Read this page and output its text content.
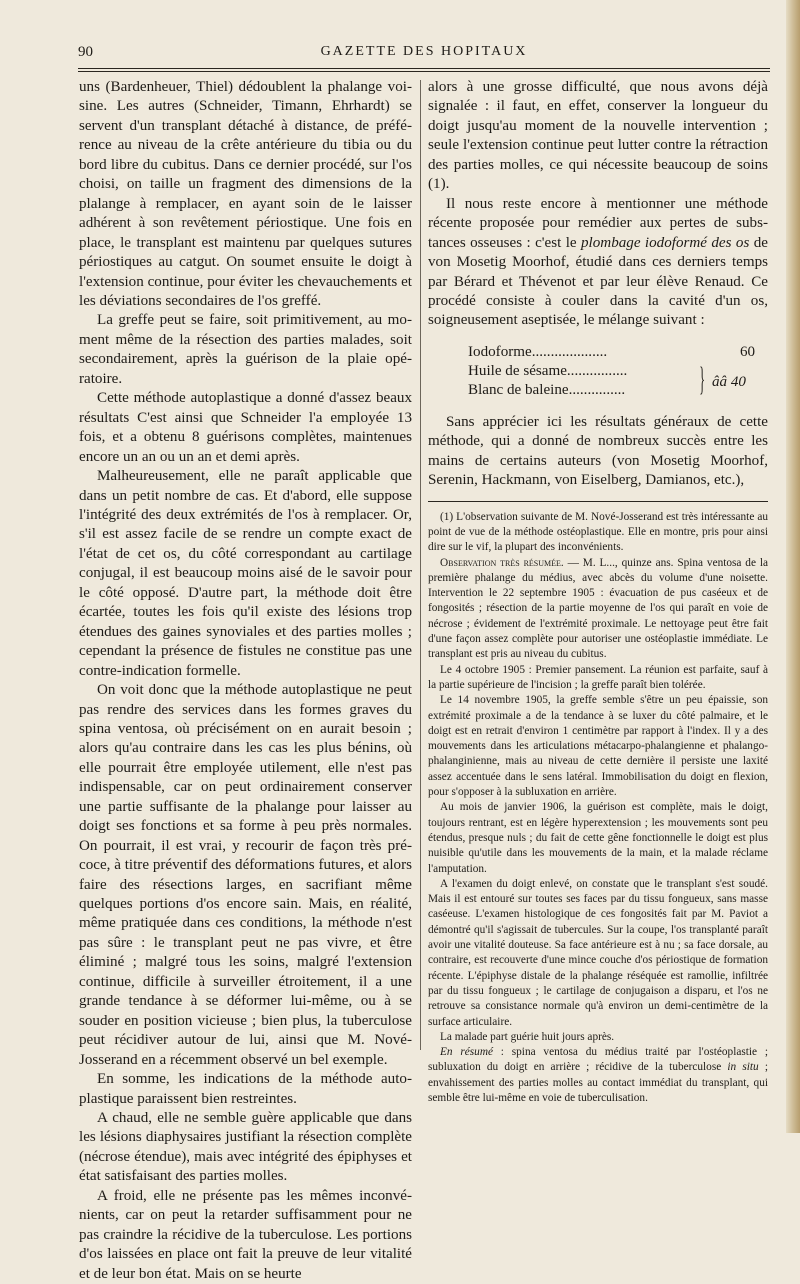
90	GAZETTE DES HOPITAUX

uns (Bardenheuer, Thiel) dédoublent la phalange voisine. Les autres (Schneider, Timann, Ehrhardt) se servent d'un transplant détaché à distance, de préférence au niveau de la crête antérieure du tibia ou du bord libre du cubitus. Dans ce dernier procédé, sur l'os choisi, on taille un fragment des dimensions de la plalange à remplacer, en ayant soin de le laisser adhérent à son revêtement périostique. Une fois en place, le transplant est maintenu par quelques sutures périostiques au catgut. On soumet ensuite le doigt à l'extension continue, pour éviter les chevauchements et les déviations secondaires de l'os greffé.

La greffe peut se faire, soit primitivement, au moment même de la résection des parties malades, soit secondairement, après la guérison de la plaie opératoire.

Cette méthode autoplastique a donné d'assez beaux résultats C'est ainsi que Schneider l'a employée 13 fois, et a obtenu 8 guérisons complètes, maintenues encore un an ou un an et demi après.

Malheureusement, elle ne paraît applicable que dans un petit nombre de cas. Et d'abord, elle suppose l'intégrité des deux extrémités de l'os à remplacer. Or, s'il est assez facile de se rendre un compte exact de l'état de cet os, du côté correspondant au cartilage conjugal, il est beaucoup moins aisé de le savoir pour le côté opposé. D'autre part, la méthode doit être écartée, toutes les fois qu'il existe des lésions trop étendues des gaines synoviales et des parties molles ; cependant la présence de fistules ne constitue pas une contre-indication formelle.

On voit donc que la méthode autoplastique ne peut pas rendre des services dans les formes graves du spina ventosa, où précisément on en aurait besoin ; alors qu'au contraire dans les cas les plus bénins, où elle pourrait être employée utilement, elle n'est pas indispensable, car on peut ordinairement conserver une partie suffisante de la phalange pour laisser au doigt ses fonctions et sa forme à peu près normales. On pourrait, il est vrai, y recourir de façon très précoce, à titre préventif des déformations futures, et alors faire des résections larges, en sacrifiant même quelques portions d'os encore sain. Mais, en réalité, même pratiquée dans ces conditions, la méthode n'est pas sûre : le transplant peut ne pas vivre, et être éliminé ; malgré tous les soins, malgré l'extension continue, difficile à surveiller étroitement, il a une grande tendance à se déformer lui-même, ou à se souder en position vicieuse ; bien plus, la tuberculose peut récidiver autour de lui, ainsi que M. Nové-Josserand en a récemment observé un bel exemple.

En somme, les indications de la méthode autoplastique paraissent bien restreintes.

A chaud, elle ne semble guère applicable que dans les lésions diaphysaires justifiant la résection complète (nécrose étendue), mais avec intégrité des épiphyses et état satisfaisant des parties molles.

A froid, elle ne présente pas les mêmes inconvénients, car on peut la retarder suffisamment pour ne pas craindre la récidive de la tuberculose. Les portions d'os laissées en place ont fait la preuve de leur vitalité et de leur bon état. Mais on se heurte

alors à une grosse difficulté, que nous avons déjà signalée : il faut, en effet, conserver la longueur du doigt jusqu'au moment de la nouvelle intervention ; seule l'extension continue peut lutter contre la rétraction des parties molles, ce qui nécessite beaucoup de soins (1).

Il nous reste encore à mentionner une méthode récente proposée pour remédier aux pertes de substances osseuses : c'est le plombage iodoformé des os de von Mosetig Moorhof, étudié dans ces derniers temps par Bérard et Thévenot et par leur élève Renaud. Ce procédé consiste à couler dans la cavité d'un os, soigneusement aseptisée, le mélange suivant :

Iodoforme....................	60
Huile de sésame................
Blanc de baleine............... } ââ 40

Sans apprécier ici les résultats généraux de cette méthode, qui a donné de nombreux succès entre les mains de certains auteurs (von Mosetig Moorhof, Serenin, Hackmann, von Eiselberg, Damianos, etc.),

(1) L'observation suivante de M. Nové-Josserand est très intéressante au point de vue de la méthode ostéoplastique. Elle en montre, pris pour ainsi dire sur le vif, la plupart des inconvénients.

Observation très résumée. — M. L..., quinze ans. Spina ventosa de la première phalange du médius, avec abcès du volume d'une noisette. Intervention le 22 septembre 1905 : évacuation de pus caséeux et de fongosités ; résection de la partie moyenne de l'os qui paraît en voie de nécrose ; évidement de l'extrémité proximale. Le nettoyage peut être fait d'une façon assez complète pour autoriser une ostéoplastie immédiate. Le transplant est pris au niveau du cubitus.

Le 4 octobre 1905 : Premier pansement. La réunion est parfaite, sauf à la partie supérieure de l'incision ; la greffe paraît bien tolérée.

Le 14 novembre 1905, la greffe semble s'être un peu épaissie, son extrémité proximale a de la tendance à se luxer du côté palmaire, et le doigt est en retrait d'environ 1 centimètre par rapport à l'index. Il y a des mouvements dans les articulations métacarpo-phalangienne et phalango-phalanginienne, mais au niveau de cette dernière il persiste une laxité assez accentuée dans le sens latéral. Immobilisation du doigt en flexion, pour s'opposer à la subluxation en arrière.

Au mois de janvier 1906, la guérison est complète, mais le doigt, toujours rentrant, est en légère hyperextension ; les mouvements sont peu étendus, presque nuls ; du fait de cette gêne fonctionnelle le doigt est plus nuisible qu'utile dans les mouvements de la main, et la malade réclame l'amputation.

A l'examen du doigt enlevé, on constate que le transplant s'est soudé. Mais il est entouré sur toutes ses faces par du tissu fongueux, sans masse caséeuse. L'examen histologique de ces fongosités fait par M. Paviot a démontré qu'il s'agissait de tubercules. Sur la coupe, l'os transplanté paraît avoir une vitalité douteuse. Sa face antérieure est à nu ; sa face dorsale, au contraire, est recouverte d'une mince couche d'os périostique de formation récente. L'épiphyse distale de la phalange réséquée est ramollie, infiltrée par du tissu fongueux ; le cartilage de conjugaison a disparu, et l'os ne retrouve sa consistance normale qu'à environ un demi-centimètre de la surface articulaire.

La malade part guérie huit jours après.

En résumé : spina ventosa du médius traité par l'ostéoplastie ; subluxation du doigt en arrière ; récidive de la tuberculose in situ ; envahissement des parties molles au contact immédiat du transplant, qui semble être lui-même en voie de tuberculisation.
